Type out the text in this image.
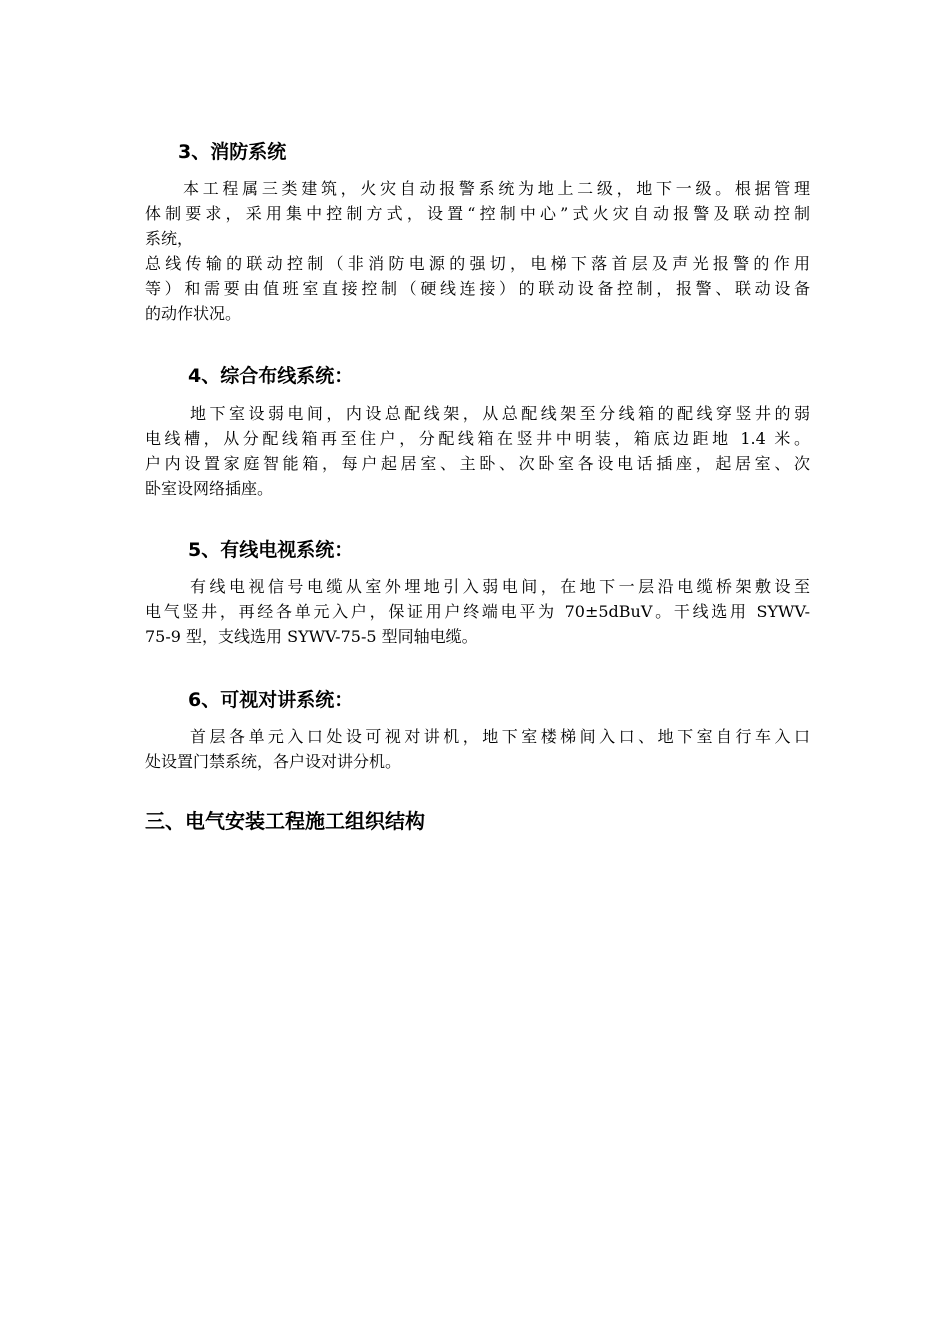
3、消防系统
本工程属三类建筑，火灾自动报警系统为地上二级，地下一级。根据管理
体制要求，采用集中控制方式，设置“控制中心”式火灾自动报警及联动控制
系统，
总线传输的联动控制（非消防电源的强切，电梯下落首层及声光报警的作用
等）和需要由值班室直接控制（硬线连接）的联动设备控制，报警、联动设备
的动作状况。
4、综合布线系统：
地下室设弱电间，内设总配线架，从总配线架至分线箱的配线穿竖井的弱
电线槽，从分配线箱再至住户，分配线箱在竖井中明装，箱底边距地 1.4 米。
户内设置家庭智能箱，每户起居室、主卧、次卧室各设电话插座，起居室、次
卧室设网络插座。
5、有线电视系统：
有线电视信号电缆从室外埋地引入弱电间，在地下一层沿电缆桥架敷设至
电气竖井，再经各单元入户，保证用户终端电平为 70±5dBuV。干线选用 SYWV-
75-9 型，支线选用 SYWV-75-5 型同轴电缆。
6、可视对讲系统：
首层各单元入口处设可视对讲机，地下室楼梯间入口、地下室自行车入口
处设置门禁系统，各户设对讲分机。
三、电气安装工程施工组织结构
